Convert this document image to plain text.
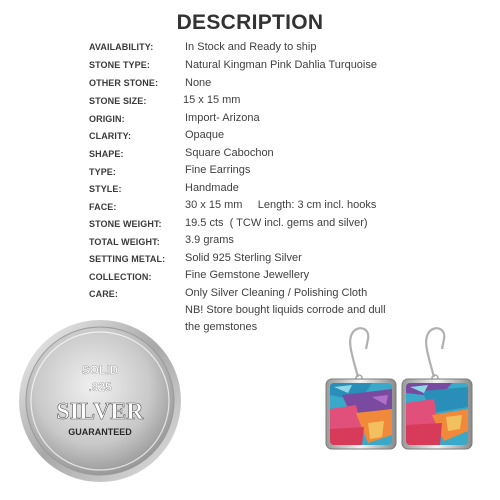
DESCRIPTION
AVAILABILITY:	In Stock and Ready to ship
STONE TYPE:	Natural Kingman Pink Dahlia Turquoise
OTHER STONE: None
STONE SIZE:	15 x 15 mm
ORIGIN:	Import- Arizona
CLARITY:	Opaque
SHAPE:	Square Cabochon
TYPE:	Fine Earrings
STYLE:	Handmade
FACE:	30 x 15 mm     Length: 3 cm incl. hooks
STONE WEIGHT: 19.5 cts  ( TCW incl. gems and silver)
TOTAL WEIGHT: 3.9 grams
SETTING METAL: Solid 925 Sterling Silver
COLLECTION:	Fine Gemstone Jewellery
CARE:	Only Silver Cleaning / Polishing Cloth
NB! Store bought liquids corrode and dull
the gemstones
SOLID
.925
SILVER
GUARANTEED
